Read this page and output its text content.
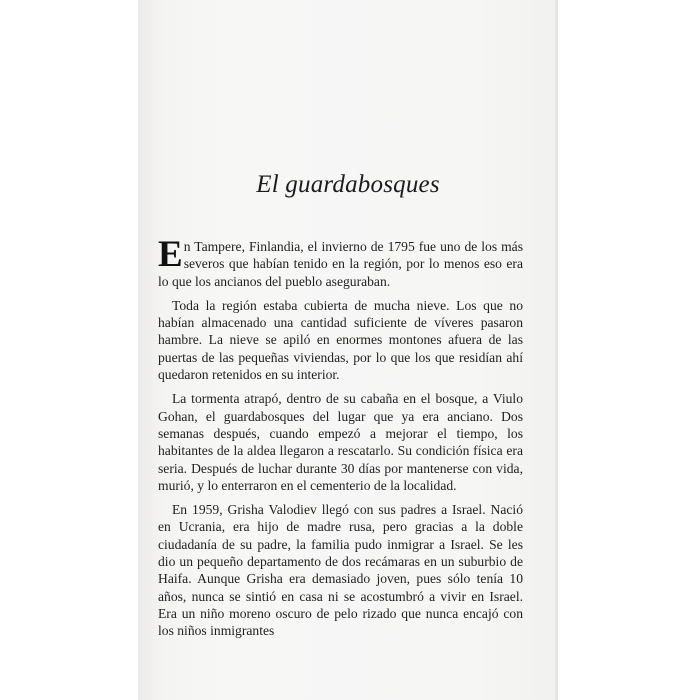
El guardabosques

En Tampere, Finlandia, el invierno de 1795 fue uno de los más severos que habían tenido en la región, por lo menos eso era lo que los ancianos del pueblo aseguraban.

Toda la región estaba cubierta de mucha nieve. Los que no habían almacenado una cantidad suficiente de víveres pasaron hambre. La nieve se apiló en enormes montones afuera de las puertas de las pequeñas viviendas, por lo que los que residían ahí quedaron retenidos en su interior.

La tormenta atrapó, dentro de su cabaña en el bosque, a Viulo Gohan, el guardabosques del lugar que ya era anciano. Dos semanas después, cuando empezó a mejorar el tiempo, los habitantes de la aldea llegaron a rescatarlo. Su condición física era seria. Después de luchar durante 30 días por mantenerse con vida, murió, y lo enterraron en el cementerio de la localidad.

En 1959, Grisha Valodiev llegó con sus padres a Israel. Nació en Ucrania, era hijo de madre rusa, pero gracias a la doble ciudadanía de su padre, la familia pudo inmigrar a Israel. Se les dio un pequeño departamento de dos recámaras en un suburbio de Haifa. Aunque Grisha era demasiado joven, pues sólo tenía 10 años, nunca se sintió en casa ni se acostumbró a vivir en Israel. Era un niño moreno oscuro de pelo rizado que nunca encajó con los niños inmigrantes
